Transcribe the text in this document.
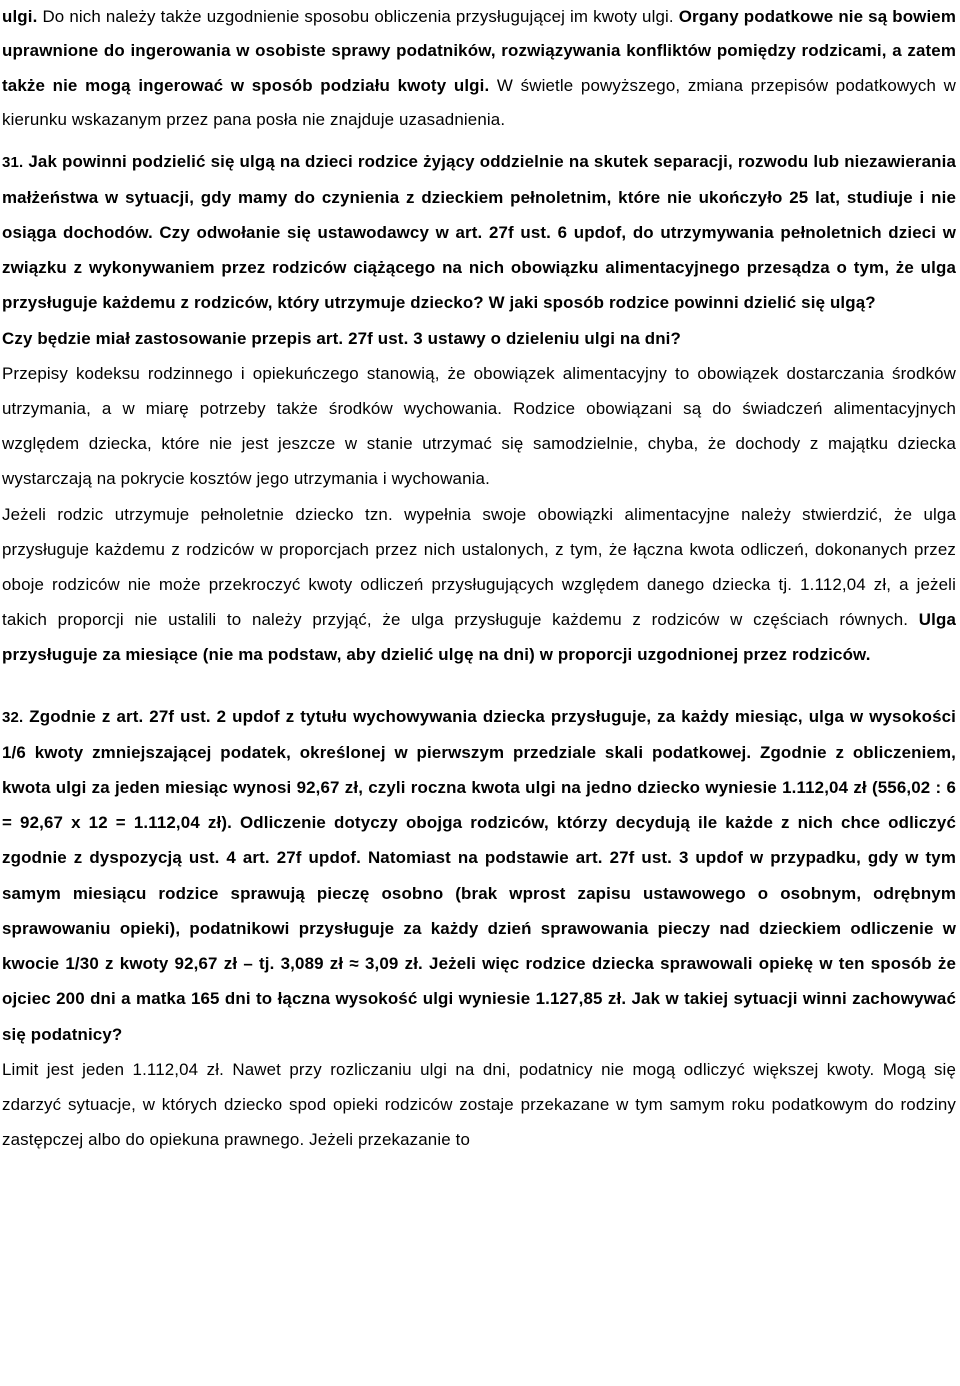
ulgi. Do nich należy także uzgodnienie sposobu obliczenia przysługującej im kwoty ulgi. Organy podatkowe nie są bowiem uprawnione do ingerowania w osobiste sprawy podatników, rozwiązywania konfliktów pomiędzy rodzicami, a zatem także nie mogą ingerować w sposób podziału kwoty ulgi. W świetle powyższego, zmiana przepisów podatkowych w kierunku wskazanym przez pana posła nie znajduje uzasadnienia.

31. Jak powinni podzielić się ulgą na dzieci rodzice żyjący oddzielnie na skutek separacji, rozwodu lub niezawierania małżeństwa w sytuacji, gdy mamy do czynienia z dzieckiem pełnoletnim, które nie ukończyło 25 lat, studiuje i nie osiąga dochodów. Czy odwołanie się ustawodawcy w art. 27f ust. 6 updof, do utrzymywania pełnoletnich dzieci w związku z wykonywaniem przez rodziców ciążącego na nich obowiązku alimentacyjnego przesądza o tym, że ulga przysługuje każdemu z rodziców, który utrzymuje dziecko? W jaki sposób rodzice powinni dzielić się ulgą?

Czy będzie miał zastosowanie przepis art. 27f ust. 3 ustawy o dzieleniu ulgi na dni?

Przepisy kodeksu rodzinnego i opiekuńczego stanowią, że obowiązek alimentacyjny to obowiązek dostarczania środków utrzymania, a w miarę potrzeby także środków wychowania. Rodzice obowiązani są do świadczeń alimentacyjnych względem dziecka, które nie jest jeszcze w stanie utrzymać się samodzielnie, chyba, że dochody z majątku dziecka wystarczają na pokrycie kosztów jego utrzymania i wychowania.

Jeżeli rodzic utrzymuje pełnoletnie dziecko tzn. wypełnia swoje obowiązki alimentacyjne należy stwierdzić, że ulga przysługuje każdemu z rodziców w proporcjach przez nich ustalonych, z tym, że łączna kwota odliczeń, dokonanych przez oboje rodziców nie może przekroczyć kwoty odliczeń przysługujących względem danego dziecka tj. 1.112,04 zł, a jeżeli takich proporcji nie ustalili to należy przyjąć, że ulga przysługuje każdemu z rodziców w częściach równych. Ulga przysługuje za miesiące (nie ma podstaw, aby dzielić ulgę na dni) w proporcji uzgodnionej przez rodziców.

32. Zgodnie z art. 27f ust. 2 updof z tytułu wychowywania dziecka przysługuje, za każdy miesiąc, ulga w wysokości 1/6 kwoty zmniejszającej podatek, określonej w pierwszym przedziale skali podatkowej. Zgodnie z obliczeniem, kwota ulgi za jeden miesiąc wynosi 92,67 zł, czyli roczna kwota ulgi na jedno dziecko wyniesie 1.112,04 zł (556,02 : 6 = 92,67 x 12 = 1.112,04 zł). Odliczenie dotyczy obojga rodziców, którzy decydują ile każde z nich chce odliczyć zgodnie z dyspozycją ust. 4 art. 27f updof. Natomiast na podstawie art. 27f ust. 3 updof w przypadku, gdy w tym samym miesiącu rodzice sprawują pieczę osobno (brak wprost zapisu ustawowego o osobnym, odrębnym sprawowaniu opieki), podatnikowi przysługuje za każdy dzień sprawowania pieczy nad dzieckiem odliczenie w kwocie 1/30 z kwoty 92,67 zł – tj. 3,089 zł ≈ 3,09 zł. Jeżeli więc rodzice dziecka sprawowali opiekę w ten sposób że ojciec 200 dni a matka 165 dni to łączna wysokość ulgi wyniesie 1.127,85 zł. Jak w takiej sytuacji winni zachowywać się podatnicy?

Limit jest jeden 1.112,04 zł. Nawet przy rozliczaniu ulgi na dni, podatnicy nie mogą odliczyć większej kwoty. Mogą się zdarzyć sytuacje, w których dziecko spod opieki rodziców zostaje przekazane w tym samym roku podatkowym do rodziny zastępczej albo do opiekuna prawnego. Jeżeli przekazanie to
